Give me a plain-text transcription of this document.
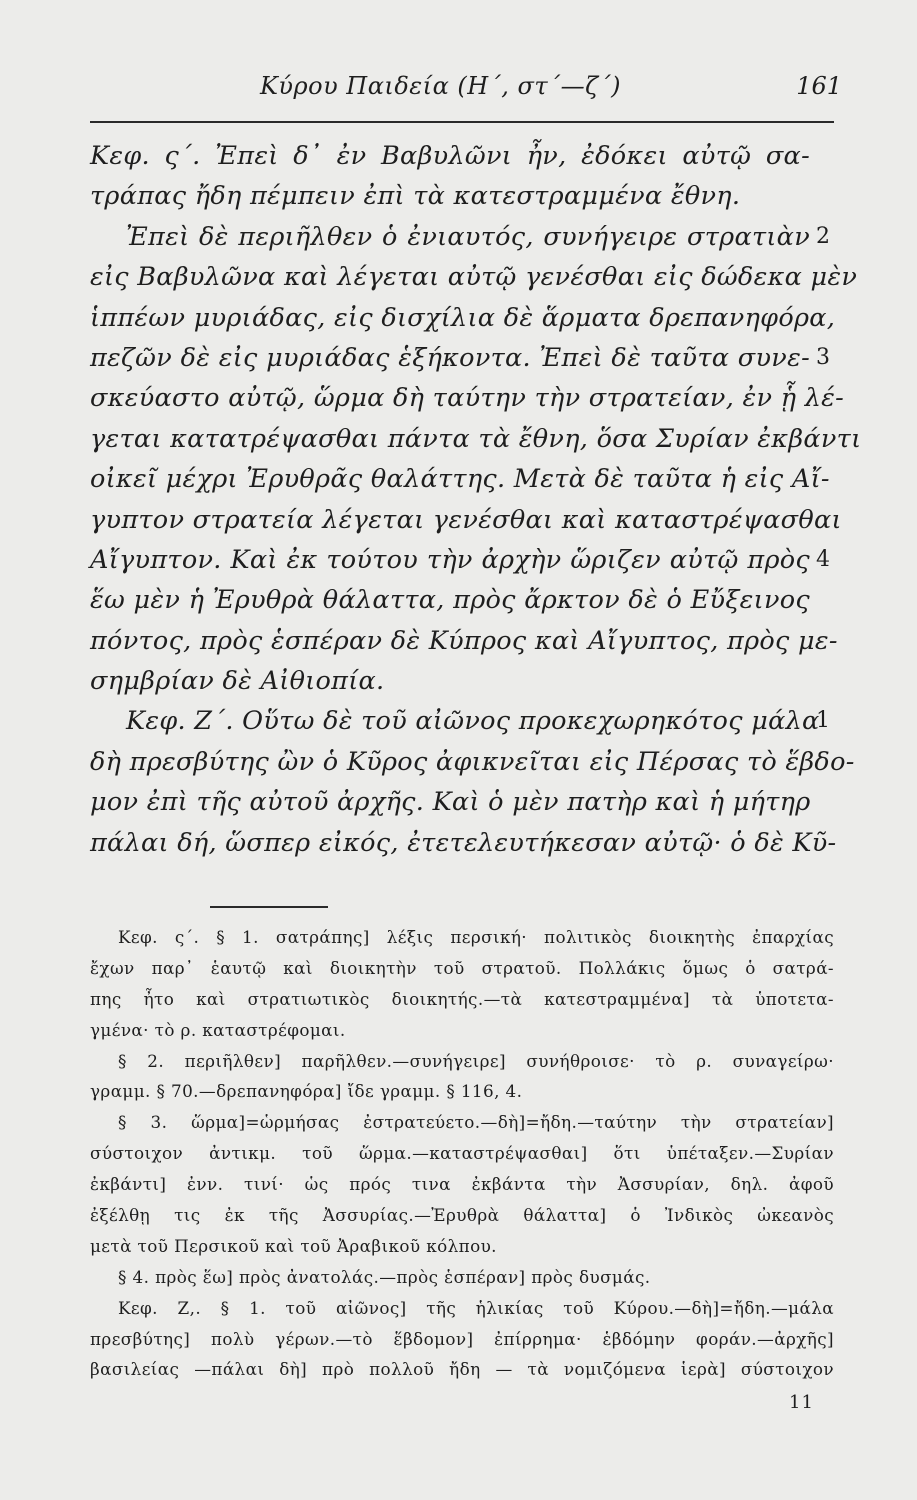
Κύρου Παιδεία (Η΄, στ΄—ζ΄)	161
Κεφ. ς΄. Ἐπεὶ δ᾽ ἐν Βαβυλῶνι ἦν, ἐδόκει αὐτῷ σα-
τράπας ἤδη πέμπειν ἐπὶ τὰ κατεστραμμένα ἔθνη.
Ἐπεὶ δὲ περιῆλθεν ὁ ἐνιαυτός, συνήγειρε στρατιὰν 2
εἰς Βαβυλῶνα καὶ λέγεται αὐτῷ γενέσθαι εἰς δώδεκα μὲν
ἱππέων μυριάδας, εἰς δισχίλια δὲ ἅρματα δρεπανηφόρα,
πεζῶν δὲ εἰς μυριάδας ἑξήκοντα. Ἐπεὶ δὲ ταῦτα συνε- 3
σκεύαστο αὐτῷ, ὥρμα δὴ ταύτην τὴν στρατείαν, ἐν ᾗ λέ-
γεται κατατρέψασθαι πάντα τὰ ἔθνη, ὅσα Συρίαν ἐκβάντι
οἰκεῖ μέχρι Ἐρυθρᾶς θαλάττης. Μετὰ δὲ ταῦτα ἡ εἰς Αἴ-
γυπτον στρατεία λέγεται γενέσθαι καὶ καταστρέψασθαι
Αἴγυπτον. Καὶ ἐκ τούτου τὴν ἀρχὴν ὥριζεν αὐτῷ πρὸς 4
ἕω μὲν ἡ Ἐρυθρὰ θάλαττα, πρὸς ἄρκτον δὲ ὁ Εὔξεινος
πόντος, πρὸς ἑσπέραν δὲ Κύπρος καὶ Αἴγυπτος, πρὸς με-
σημβρίαν δὲ Αἰθιοπία.
Κεφ. Ζ΄. Οὕτω δὲ τοῦ αἰῶνος προκεχωρηκότος μάλα
1
δὴ πρεσβύτης ὢν ὁ Κῦρος ἀφικνεῖται εἰς Πέρσας τὸ ἕβδο-
μον ἐπὶ τῆς αὐτοῦ ἀρχῆς. Καὶ ὁ μὲν πατὴρ καὶ ἡ μήτηρ
πάλαι δή, ὥσπερ εἰκός, ἐτετελευτήκεσαν αὐτῷ· ὁ δὲ Κῦ-
Κεφ. ς΄. § 1. σατράπης] λέξις περσική· πολιτικὸς διοικητὴς ἐπαρχίας
ἔχων παρ᾽ ἑαυτῷ καὶ διοικητὴν τοῦ στρατοῦ. Πολλάκις ὅμως ὁ σατρά-
πης ἦτο καὶ στρατιωτικὸς διοικητής.—τὰ κατεστραμμένα] τὰ ὑποτετα-
γμένα· τὸ ρ. καταστρέφομαι.
§ 2. περιῆλθεν] παρῆλθεν.—συνήγειρε] συνήθροισε· τὸ ρ. συναγείρω·
γραμμ. § 70.—δρεπανηφόρα] ἴδε γραμμ. § 116, 4.
§ 3. ὥρμα]=ὡρμήσας ἐστρατεύετο.—δὴ]=ἤδη.—ταύτην τὴν στρατείαν]
σύστοιχον ἀντικμ. τοῦ ὥρμα.—καταστρέψασθαι] ὅτι ὑπέταξεν.—Συρίαν
ἐκβάντι] ἐνν. τινί· ὡς πρός τινα ἐκβάντα τὴν Ἀσσυρίαν, δηλ. ἀφοῦ
ἐξέλθῃ τις ἐκ τῆς Ἀσσυρίας.—Ἐρυθρὰ θάλαττα] ὁ Ἰνδικὸς ὠκεανὸς
μετὰ τοῦ Περσικοῦ καὶ τοῦ Ἀραβικοῦ κόλπου.
§ 4. πρὸς ἕω] πρὸς ἀνατολάς.—πρὸς ἑσπέραν] πρὸς δυσμάς.
Κεφ. Ζ,. § 1. τοῦ αἰῶνος] τῆς ἡλικίας τοῦ Κύρου.—δὴ]=ἤδη.—μάλα
πρεσβύτης] πολὺ γέρων.—τὸ ἕβδομον] ἐπίρρημα· ἑβδόμην φοράν.—ἀρχῆς]
βασιλείας —πάλαι δὴ] πρὸ πολλοῦ ἤδη — τὰ νομιζόμενα ἱερὰ] σύστοιχον
11
